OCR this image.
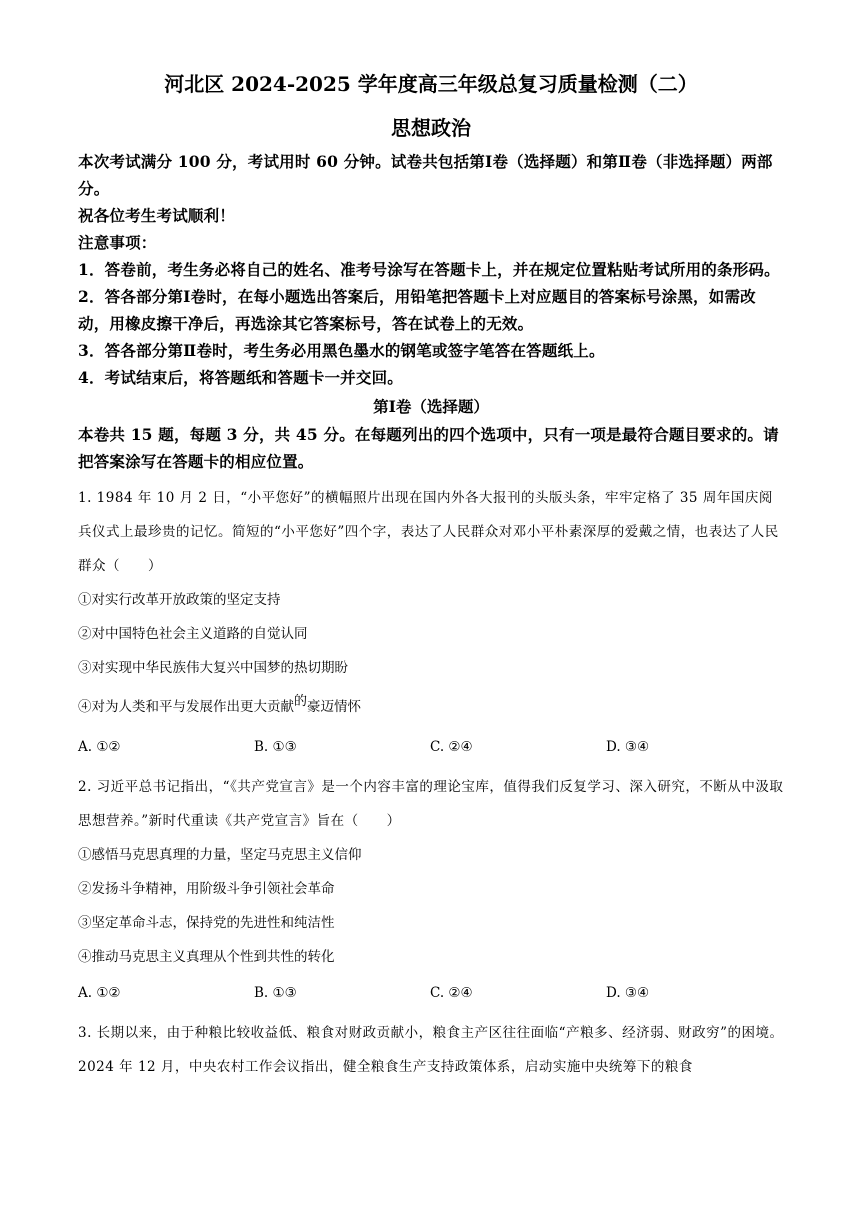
河北区 2024-2025 学年度高三年级总复习质量检测（二）
思想政治

本次考试满分 100 分，考试用时 60 分钟。试卷共包括第Ⅰ卷（选择题）和第Ⅱ卷（非选择题）两部分。

祝各位考生考试顺利！

注意事项：

1．答卷前，考生务必将自己的姓名、准考号涂写在答题卡上，并在规定位置粘贴考试所用的条形码。

2．答各部分第Ⅰ卷时，在每小题选出答案后，用铅笔把答题卡上对应题目的答案标号涂黑，如需改动，用橡皮擦干净后，再选涂其它答案标号，答在试卷上的无效。

3．答各部分第Ⅱ卷时，考生务必用黑色墨水的钢笔或签字笔答在答题纸上。

4．考试结束后，将答题纸和答题卡一并交回。

第Ⅰ卷（选择题）

本卷共 15 题，每题 3 分，共 45 分。在每题列出的四个选项中，只有一项是最符合题目要求的。请把答案涂写在答题卡的相应位置。

1. 1984 年 10 月 2 日，“小平您好”的横幅照片出现在国内外各大报刊的头版头条，牢牢定格了 35 周年国庆阅兵仪式上最珍贵的记忆。简短的“小平您好”四个字，表达了人民群众对邓小平朴素深厚的爱戴之情，也表达了人民群众（　　）

①对实行改革开放政策的坚定支持

②对中国特色社会主义道路的自觉认同

③对实现中华民族伟大复兴中国梦的热切期盼

④对为人类和平与发展作出更大贡献的豪迈情怀

A. ①②	B. ①③	C. ②④	D. ③④

2. 习近平总书记指出，“《共产党宣言》是一个内容丰富的理论宝库，值得我们反复学习、深入研究，不断从中汲取思想营养。”新时代重读《共产党宣言》旨在（　　）

①感悟马克思真理的力量，坚定马克思主义信仰

②发扬斗争精神，用阶级斗争引领社会革命

③坚定革命斗志，保持党的先进性和纯洁性

④推动马克思主义真理从个性到共性的转化

A. ①②	B. ①③	C. ②④	D. ③④

3. 长期以来，由于种粮比较收益低、粮食对财政贡献小，粮食主产区往往面临“产粮多、经济弱、财政穷”的困境。2024 年 12 月，中央农村工作会议指出，健全粮食生产支持政策体系，启动实施中央统筹下的粮食
